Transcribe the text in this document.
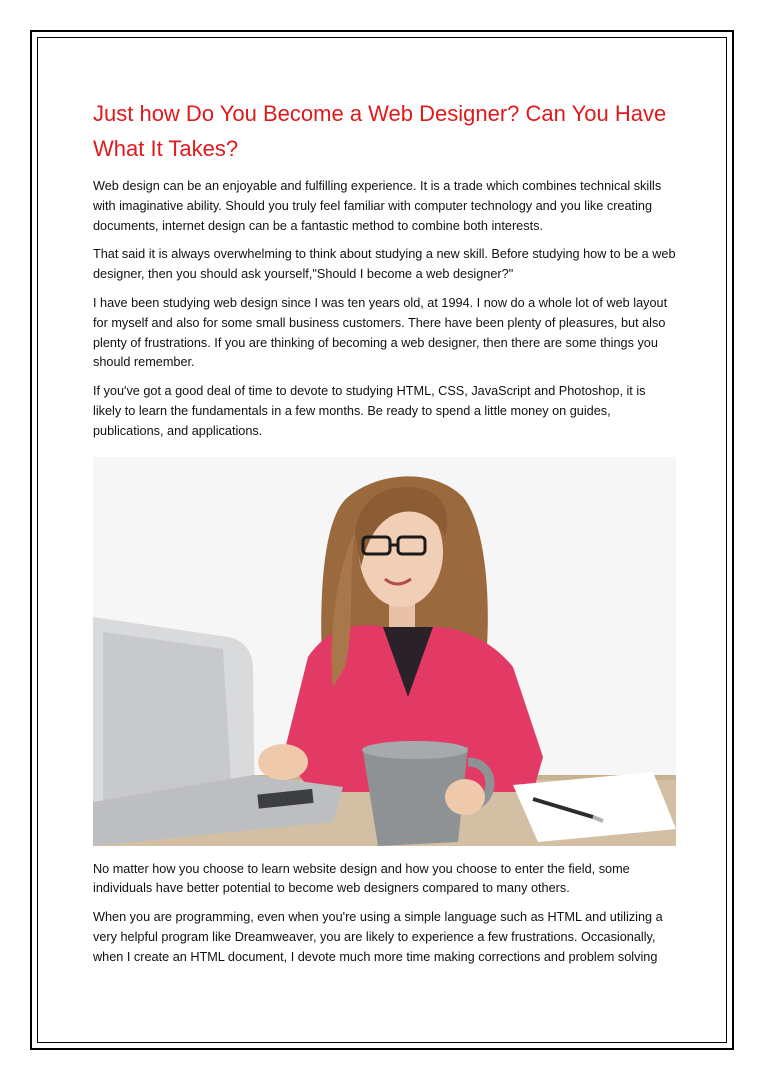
Just how Do You Become a Web Designer? Can You Have What It Takes?

Web design can be an enjoyable and fulfilling experience. It is a trade which combines technical skills with imaginative ability. Should you truly feel familiar with computer technology and you like creating documents, internet design can be a fantastic method to combine both interests.

That said it is always overwhelming to think about studying a new skill. Before studying how to be a web designer, then you should ask yourself,"Should I become a web designer?"

I have been studying web design since I was ten years old, at 1994. I now do a whole lot of web layout for myself and also for some small business customers. There have been plenty of pleasures, but also plenty of frustrations. If you are thinking of becoming a web designer, then there are some things you should remember.

If you've got a good deal of time to devote to studying HTML, CSS, JavaScript and Photoshop, it is likely to learn the fundamentals in a few months. Be ready to spend a little money on guides, publications, and applications.

No matter how you choose to learn website design and how you choose to enter the field, some individuals have better potential to become web designers compared to many others.

When you are programming, even when you're using a simple language such as HTML and utilizing a very helpful program like Dreamweaver, you are likely to experience a few frustrations. Occasionally, when I create an HTML document, I devote much more time making corrections and problem solving
